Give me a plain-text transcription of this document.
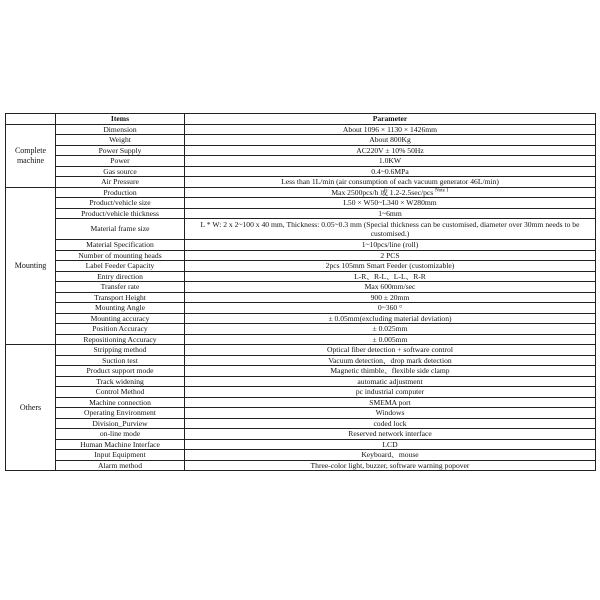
	Items	Parameter
Complete machine	Dimension	About 1096 × 1130 × 1426mm
	Weight	About 800Kg
	Power Supply	AC220V ± 10% 50Hz
	Power	1.0KW
	Gas source	0.4~0.6MPa
	Air Pressure	Less than 1L/min (air consumption of each vacuum generator 46L/min)
Mounting	Production	Max 2500pcs/h 或 1.2-2.5sec/pcs $^{Note 1}$
	Product/vehicle size	L50 × W50~L340 × W280mm
	Product/vehicle thickness	1~6mm
	Material frame size	L * W: 2 x 2~100 x 40 mm, Thickness: 0.05~0.3 mm (Special thickness can be customised, diameter over 30mm needs to be customised.)
	Material Specification	1~10pcs/line (roll)
	Number of mounting heads	2 PCS
	Label Feeder Capacity	2pcs 105mm Smart Feeder (customizable)
	Entry direction	L-R、R-L、L-L、R-R
	Transfer rate	Max 600mm/sec
	Transport Height	900 ± 20mm
	Mounting Angle	0~360 °
	Mounting accuracy	± 0.05mm(excluding material deviation)
	Position Accuracy	± 0.025mm
	Repositioning Accuracy	± 0.005mm
Others	Stripping method	Optical fiber detection + software control
	Suction test	Vacuum detection、drop mark detection
	Product support mode	Magnetic thimble、flexible side clamp
	Track widening	automatic adjustment
	Control Method	pc industrial computer
	Machine connection	SMEMA port
	Operating Environment	Windows
	Division_Purview	coded lock
	on-line mode	Reserved network interface
	Human Machine Interface	LCD
	Input Equipment	Keyboard、mouse
	Alarm method	Three-color light, buzzer, software warning popover
